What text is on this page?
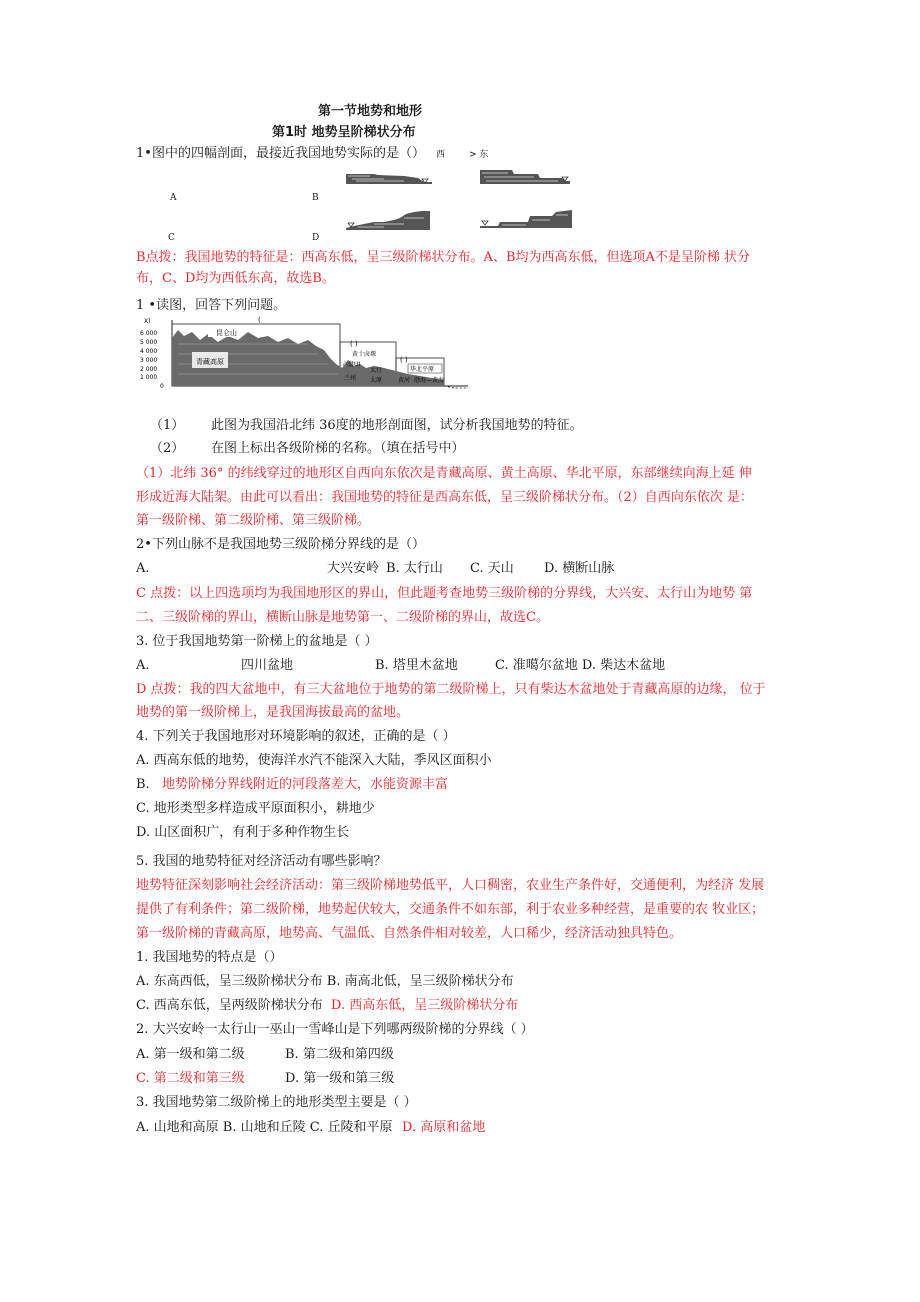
第一节地势和地形
第1时 地势呈阶梯状分布
1•图中的四幅剖面，最接近我国地势实际的是（） 西	> 东
A	B
C	D
B点拨：我国地势的特征是：西高东低，呈三级阶梯状分布。A、B均为西高东低，但选项A不是呈阶梯 状分
布，C、D均为西低东高，故选B。
1 •读图，回答下列问题。
X)
6 000
5 000
4 000
3 000
2 000
1 000
0
昆仑山
青藏高原
(
( )
黄十卤塬
( )
六盘UI
太行
兰州 太原
华北平原
黄河 渤海—黄海
（1） 此图为我国沿北纬 36度的地形剖面图，试分析我国地势的特征。
（2） 在图上标出各级阶梯的名称。（填在括号中）
（1）北纬 36° 的纬线穿过的地形区自西向东依次是青藏高原、黄土高原、华北平原，东部继续向海上延 伸
形成近海大陆架。由此可以看出：我国地势的特征是西高东低，呈三级阶梯状分布。（2）自西向东依次 是：
第一级阶梯、第二级阶梯、第三级阶梯。
2•下列山脉不是我国地势三级阶梯分界线的是（）
A.	大兴安岭 B. 太行山 C. 天山 D. 横断山脉
C 点拨：以上四选项均为我国地形区的界山，但此题考查地势三级阶梯的分界线，大兴安、太行山为地势 第
二、三级阶梯的界山，横断山脉是地势第一、二级阶梯的界山，故选C。
3. 位于我国地势第一阶梯上的盆地是（ ）
A.	四川盆地	B. 塔里木盆地	C. 准噶尔盆地 D. 柴达木盆地
D 点拨：我的四大盆地中，有三大盆地位于地势的第二级阶梯上，只有柴达木盆地处于青藏高原的边缘， 位于
地势的第一级阶梯上，是我国海拔最高的盆地。
4. 下列关于我国地形对环境影响的叙述，正确的是（ ）
A. 西高东低的地势，使海洋水汽不能深入大陆，季风区面积小
B. 地势阶梯分界线附近的河段落差大，水能资源丰富
C. 地形类型多样造成平原面积小，耕地少
D. 山区面积广，有利于多种作物生长
5. 我国的地势特征对经济活动有哪些影响？
地势特征深刻影响社会经济活动：第三级阶梯地势低平，人口稠密，农业生产条件好，交通便利，为经济 发展
提供了有利条件；第二级阶梯，地势起伏较大，交通条件不如东部，利于农业多种经营，是重要的农 牧业区；
第一级阶梯的青藏高原，地势高、气温低、自然条件相对较差，人口稀少，经济活动独具特色。
1. 我国地势的特点是（）
A. 东高西低，呈三级阶梯状分布 B. 南高北低，呈三级阶梯状分布
C. 西高东低，呈两级阶梯状分布 D. 西高东低，呈三级阶梯状分布
2. 大兴安岭一太行山一巫山一雪峰山是下列哪两级阶梯的分界线（ ）
A. 第一级和第二级	B. 第二级和第四级
C. 第二级和第三级	D. 第一级和第三级
3. 我国地势第二级阶梯上的地形类型主要是（ ）
A. 山地和高原 B. 山地和丘陵 C. 丘陵和平原 D. 高原和盆地
